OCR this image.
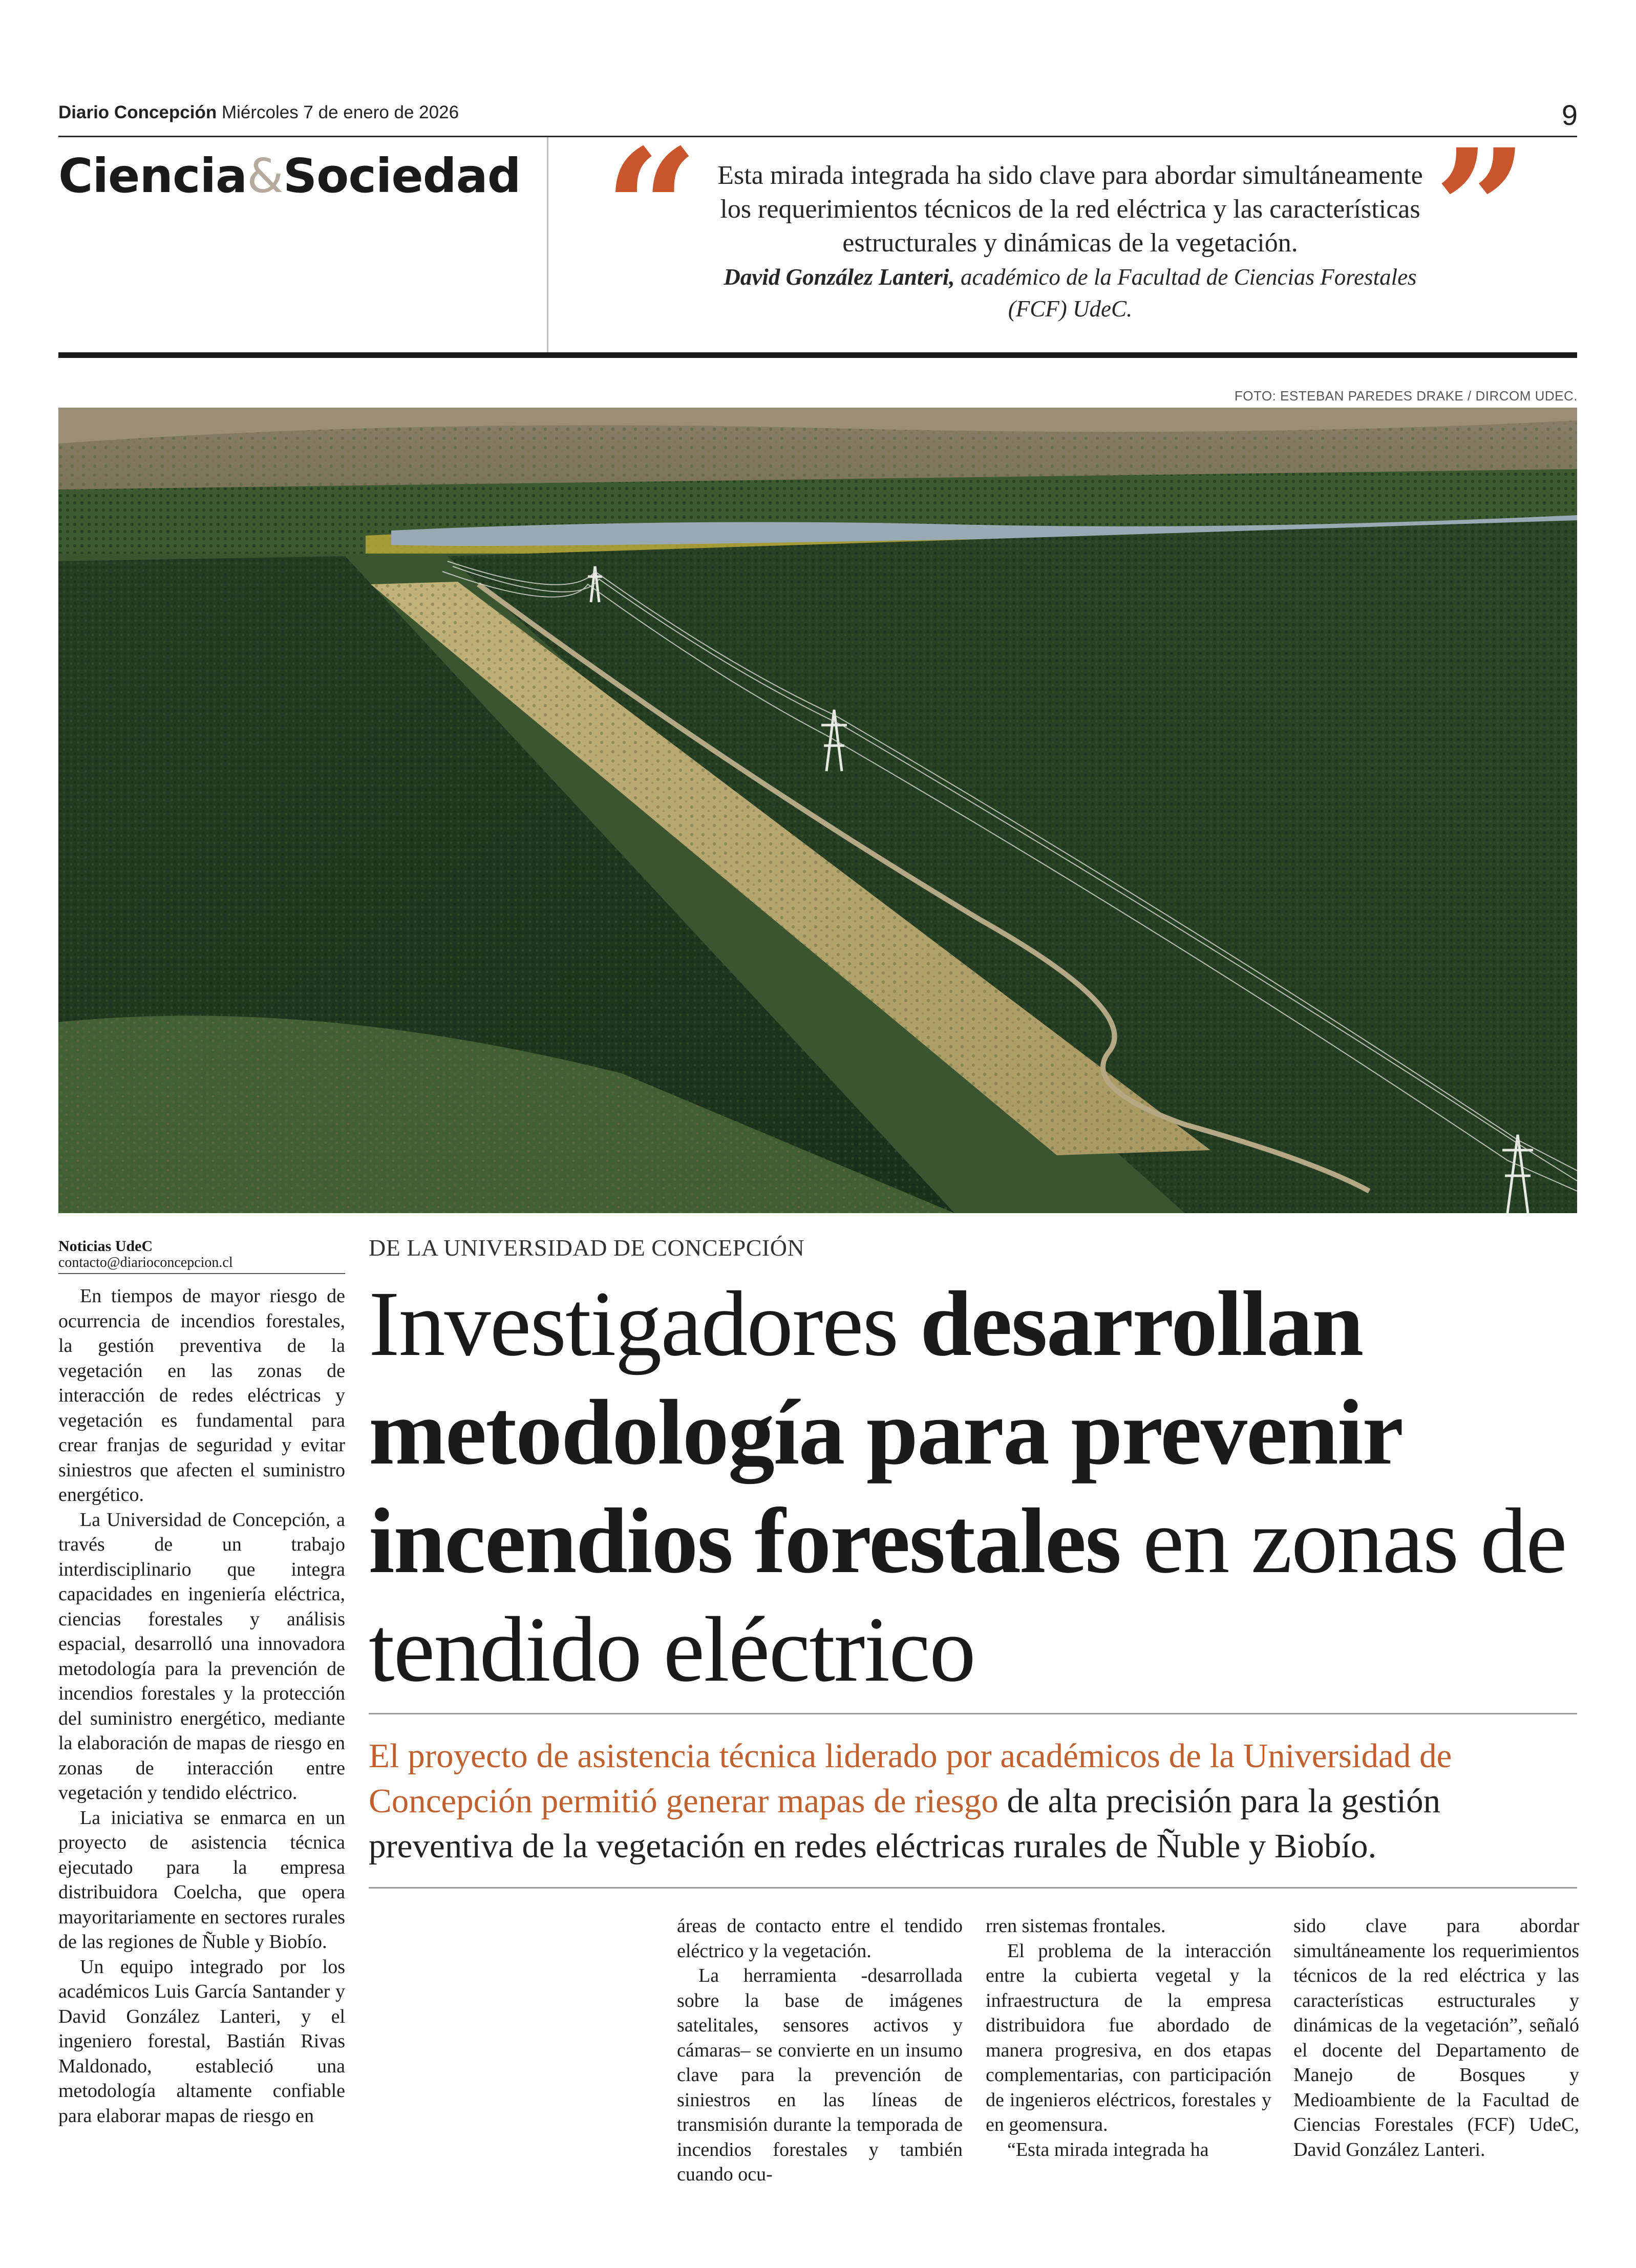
Diario Concepción Miércoles 7 de enero de 2026	9
Ciencia&Sociedad “	”
Esta mirada integrada ha sido clave para abordar simultáneamente los requerimientos técnicos de la red eléctrica y las características estructurales y dinámicas de la vegetación.
David González Lanteri, académico de la Facultad de Ciencias Forestales (FCF) UdeC.
FOTO: ESTEBAN PAREDES DRAKE / DIRCOM UDEC.
Noticias UdeC
contacto@diarioconcepcion.cl
DE LA UNIVERSIDAD DE CONCEPCIÓN
Investigadores desarrollan metodología para prevenir incendios forestales en zonas de tendido eléctrico
El proyecto de asistencia técnica liderado por académicos de la Universidad de Concepción permitió generar mapas de riesgo de alta precisión para la gestión preventiva de la vegetación en redes eléctricas rurales de Ñuble y Biobío.

En tiempos de mayor riesgo de ocurrencia de incendios forestales, la gestión preventiva de la vegetación en las zonas de interacción de redes eléctricas y vegetación es fundamental para crear franjas de seguridad y evitar siniestros que afecten el suministro energético.

La Universidad de Concepción, a través de un trabajo interdisciplinario que integra capacidades en ingeniería eléctrica, ciencias forestales y análisis espacial, desarrolló una innovadora metodología para la prevención de incendios forestales y la protección del suministro energético, mediante la elaboración de mapas de riesgo en zonas de interacción entre vegetación y tendido eléctrico.

La iniciativa se enmarca en un proyecto de asistencia técnica ejecutado para la empresa distribuidora Coelcha, que opera mayoritariamente en sectores rurales de las regiones de Ñuble y Biobío.

Un equipo integrado por los académicos Luis García Santander y David González Lanteri, y el ingeniero forestal, Bastián Rivas Maldonado, estableció una metodología altamente confiable para elaborar mapas de riesgo en

áreas de contacto entre el tendido eléctrico y la vegetación.

La herramienta -desarrollada sobre la base de imágenes satelitales, sensores activos y cámaras– se convierte en un insumo clave para la prevención de siniestros en las líneas de transmisión durante la temporada de incendios forestales y también cuando ocu-

rren sistemas frontales.

El problema de la interacción entre la cubierta vegetal y la infraestructura de la empresa distribuidora fue abordado de manera progresiva, en dos etapas complementarias, con participación de ingenieros eléctricos, forestales y en geomensura.

“Esta mirada integrada ha

sido clave para abordar simultáneamente los requerimientos técnicos de la red eléctrica y las características estructurales y dinámicas de la vegetación”, señaló el docente del Departamento de Manejo de Bosques y Medioambiente de la Facultad de Ciencias Forestales (FCF) UdeC, David González Lanteri.
